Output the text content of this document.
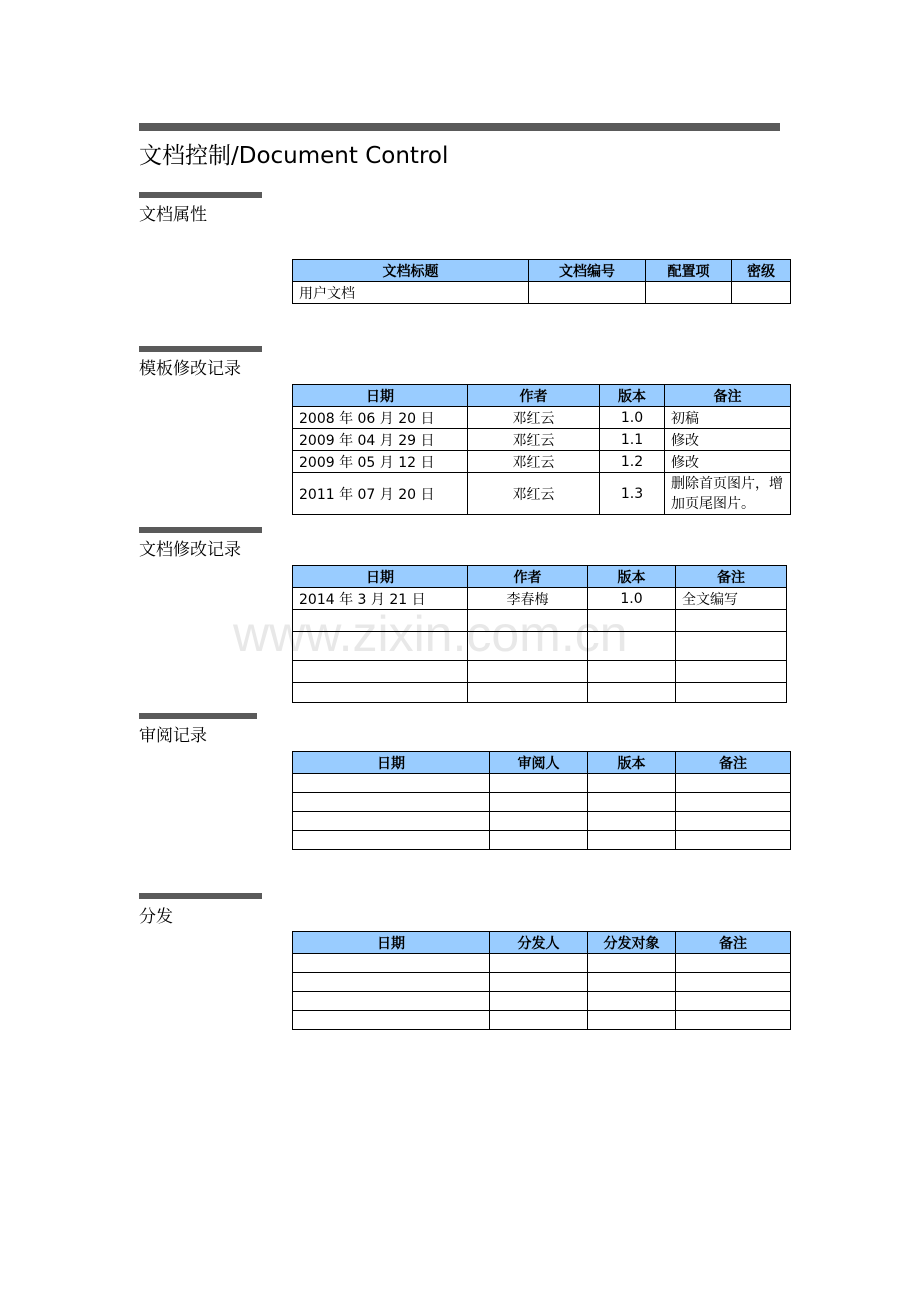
文档控制/Document Control
www.zixin.com.cn
文档属性
文档标题	文档编号	配置项	密级
用户文档			
模板修改记录
日期	作者	版本	备注
2008 年 06 月 20 日	邓红云	1.0	初稿
2009 年 04 月 29 日	邓红云	1.1	修改
2009 年 05 月 12 日	邓红云	1.2	修改
2011 年 07 月 20 日	邓红云	1.3	删除首页图片，增加页尾图片。
文档修改记录
日期	作者	版本	备注
2014 年 3 月 21 日	李春梅	1.0	全文编写

审阅记录
日期	审阅人	版本	备注

分发
日期	分发人	分发对象	备注
